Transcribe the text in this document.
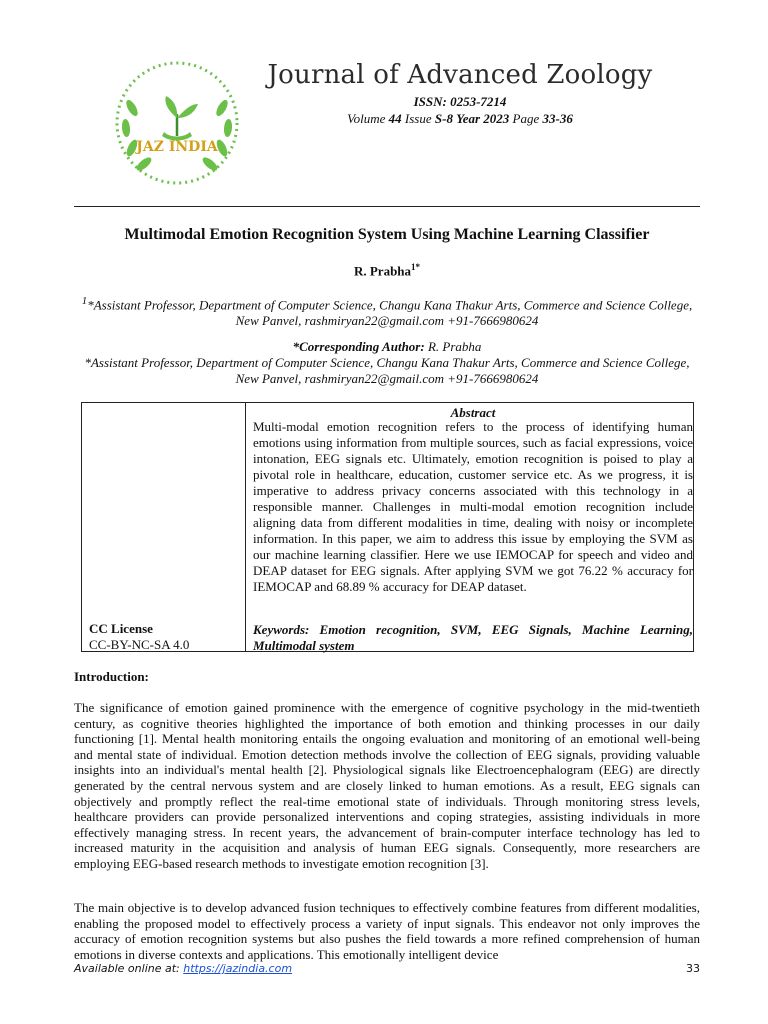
JAZ INDIA
Journal of Advanced Zoology
ISSN: 0253-7214
Volume 44 Issue S-8 Year 2023 Page 33-36
Multimodal Emotion Recognition System Using Machine Learning Classifier
R. Prabha$^{1*}$
$^1$*Assistant Professor, Department of Computer Science, Changu Kana Thakur Arts, Commerce and Science College, New Panvel, rashmiryan22@gmail.com +91-7666980624
*Corresponding Author: R. Prabha
*Assistant Professor, Department of Computer Science, Changu Kana Thakur Arts, Commerce and Science College, New Panvel, rashmiryan22@gmail.com +91-7666980624
CC License
CC-BY-NC-SA 4.0
Abstract
Multi-modal emotion recognition refers to the process of identifying human emotions using information from multiple sources, such as facial expressions, voice intonation, EEG signals etc. Ultimately, emotion recognition is poised to play a pivotal role in healthcare, education, customer service etc. As we progress, it is imperative to address privacy concerns associated with this technology in a responsible manner. Challenges in multi-modal emotion recognition include aligning data from different modalities in time, dealing with noisy or incomplete information. In this paper, we aim to address this issue by employing the SVM as our machine learning classifier. Here we use IEMOCAP for speech and video and DEAP dataset for EEG signals. After applying SVM we got 76.22 % accuracy for IEMOCAP and 68.89 % accuracy for DEAP dataset.
Keywords: Emotion recognition, SVM, EEG Signals, Machine Learning, Multimodal system
Introduction:
The significance of emotion gained prominence with the emergence of cognitive psychology in the mid-twentieth century, as cognitive theories highlighted the importance of both emotion and thinking processes in our daily functioning [1]. Mental health monitoring entails the ongoing evaluation and monitoring of an emotional well-being and mental state of individual. Emotion detection methods involve the collection of EEG signals, providing valuable insights into an individual's mental health [2]. Physiological signals like Electroencephalogram (EEG) are directly generated by the central nervous system and are closely linked to human emotions. As a result, EEG signals can objectively and promptly reflect the real-time emotional state of individuals. Through monitoring stress levels, healthcare providers can provide personalized interventions and coping strategies, assisting individuals in more effectively managing stress. In recent years, the advancement of brain-computer interface technology has led to increased maturity in the acquisition and analysis of human EEG signals. Consequently, more researchers are employing EEG-based research methods to investigate emotion recognition [3].
The main objective is to develop advanced fusion techniques to effectively combine features from different modalities, enabling the proposed model to effectively process a variety of input signals. This endeavor not only improves the accuracy of emotion recognition systems but also pushes the field towards a more refined comprehension of human emotions in diverse contexts and applications. This emotionally intelligent device
Available online at: https://jazindia.com	33
